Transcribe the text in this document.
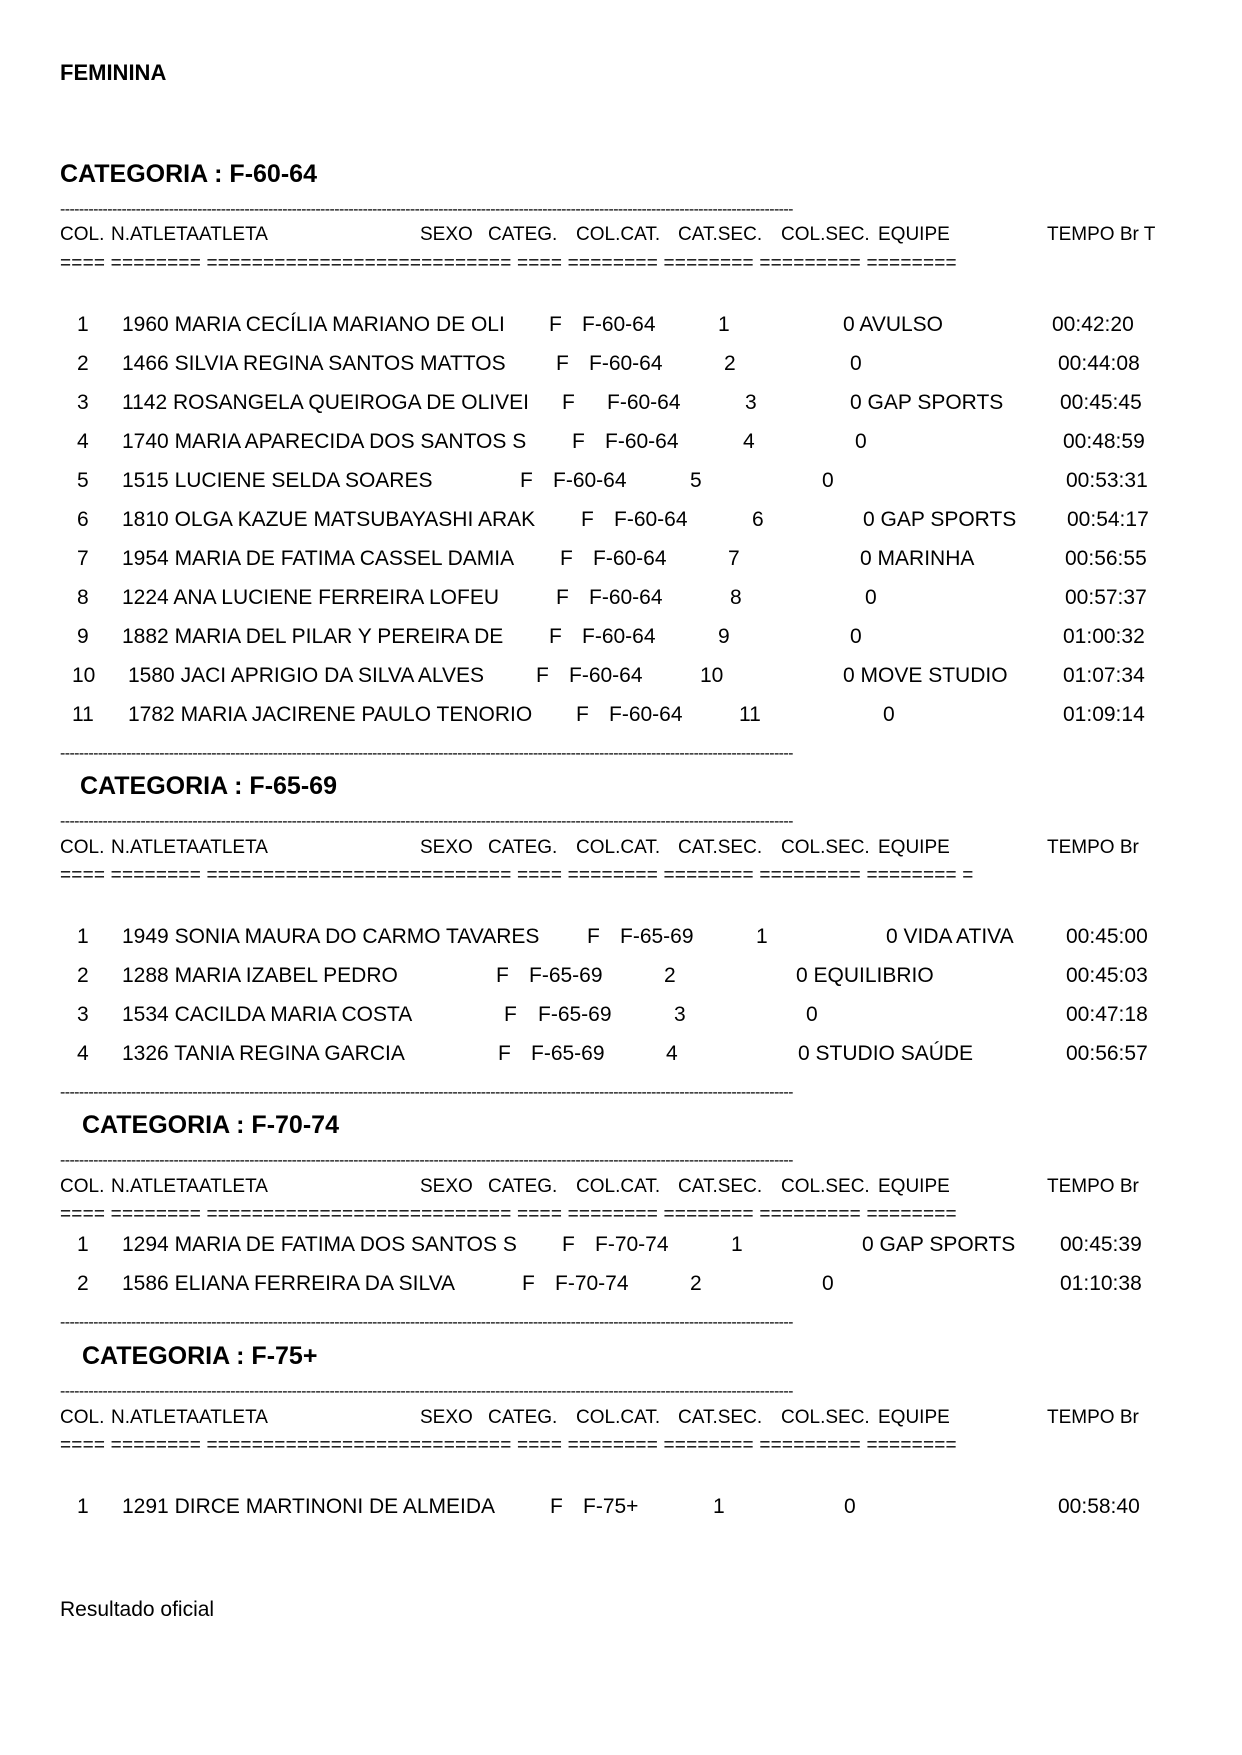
FEMININA
CATEGORIA : F-60-64
-----------------------------------------------------------------------------------------------------------------------------------------------------------
COL. N.ATLETA ATLETA	SEXO CATEG. COL.CAT. CAT.SEC. COL.SEC. EQUIPE	TEMPO Br T
==== ======== =========================== ==== ======== ======== ========= ========
1 1960 MARIA CECÍLIA MARIANO DE OLI F F-60-64	1	0 AVULSO	00:42:20
2 1466 SILVIA REGINA SANTOS MATTOS F F-60-64	2	0	00:44:08
3 1142 ROSANGELA QUEIROGA DE OLIVEI F F-60-64	3	0 GAP SPORTS	00:45:45
4 1740 MARIA APARECIDA DOS SANTOS S F F-60-64	4	0	00:48:59
5 1515 LUCIENE SELDA SOARES	F F-60-64	5	0	00:53:31
6 1810 OLGA KAZUE MATSUBAYASHI ARAK F F-60-64	6	0 GAP SPORTS 00:54:17
7 1954 MARIA DE FATIMA CASSEL DAMIA F F-60-64	7	0 MARINHA	00:56:55
8 1224 ANA LUCIENE FERREIRA LOFEU	F F-60-64	8	0	00:57:37
9 1882 MARIA DEL PILAR Y PEREIRA DE F F-60-64	9	0	01:00:32
10 1580 JACI APRIGIO DA SILVA ALVES F F-60-64	10	0 MOVE STUDIO	01:07:34
11 1782 MARIA JACIRENE PAULO TENORIO F F-60-64	11	0	01:09:14
-----------------------------------------------------------------------------------------------------------------------------------------------------------
CATEGORIA : F-65-69
-----------------------------------------------------------------------------------------------------------------------------------------------------------
COL. N.ATLETA ATLETA	SEXO CATEG. COL.CAT. CAT.SEC. COL.SEC. EQUIPE	TEMPO Br
==== ======== =========================== ==== ======== ======== ========= ======== =
1 1949 SONIA MAURA DO CARMO TAVARES F F-65-69	1	0 VIDA ATIVA 00:45:00
2 1288 MARIA IZABEL PEDRO	F F-65-69	2	0 EQUILIBRIO	00:45:03
3 1534 CACILDA MARIA COSTA	F F-65-69	3	0	00:47:18
4 1326 TANIA REGINA GARCIA	F F-65-69	4	0 STUDIO SAÚDE	00:56:57
-----------------------------------------------------------------------------------------------------------------------------------------------------------
CATEGORIA : F-70-74
-----------------------------------------------------------------------------------------------------------------------------------------------------------
COL. N.ATLETA ATLETA	SEXO CATEG. COL.CAT. CAT.SEC. COL.SEC. EQUIPE	TEMPO Br
==== ======== =========================== ==== ======== ======== ========= ========
1 1294 MARIA DE FATIMA DOS SANTOS S F F-70-74	1	0 GAP SPORTS 00:45:39
2 1586 ELIANA FERREIRA DA SILVA	F F-70-74	2	0	01:10:38
-----------------------------------------------------------------------------------------------------------------------------------------------------------
CATEGORIA : F-75+
-----------------------------------------------------------------------------------------------------------------------------------------------------------
COL. N.ATLETA ATLETA	SEXO CATEG. COL.CAT. CAT.SEC. COL.SEC. EQUIPE	TEMPO Br
==== ======== =========================== ==== ======== ======== ========= ========
1 1291 DIRCE MARTINONI DE ALMEIDA	F F-75+	1	0	00:58:40
Resultado oficial
